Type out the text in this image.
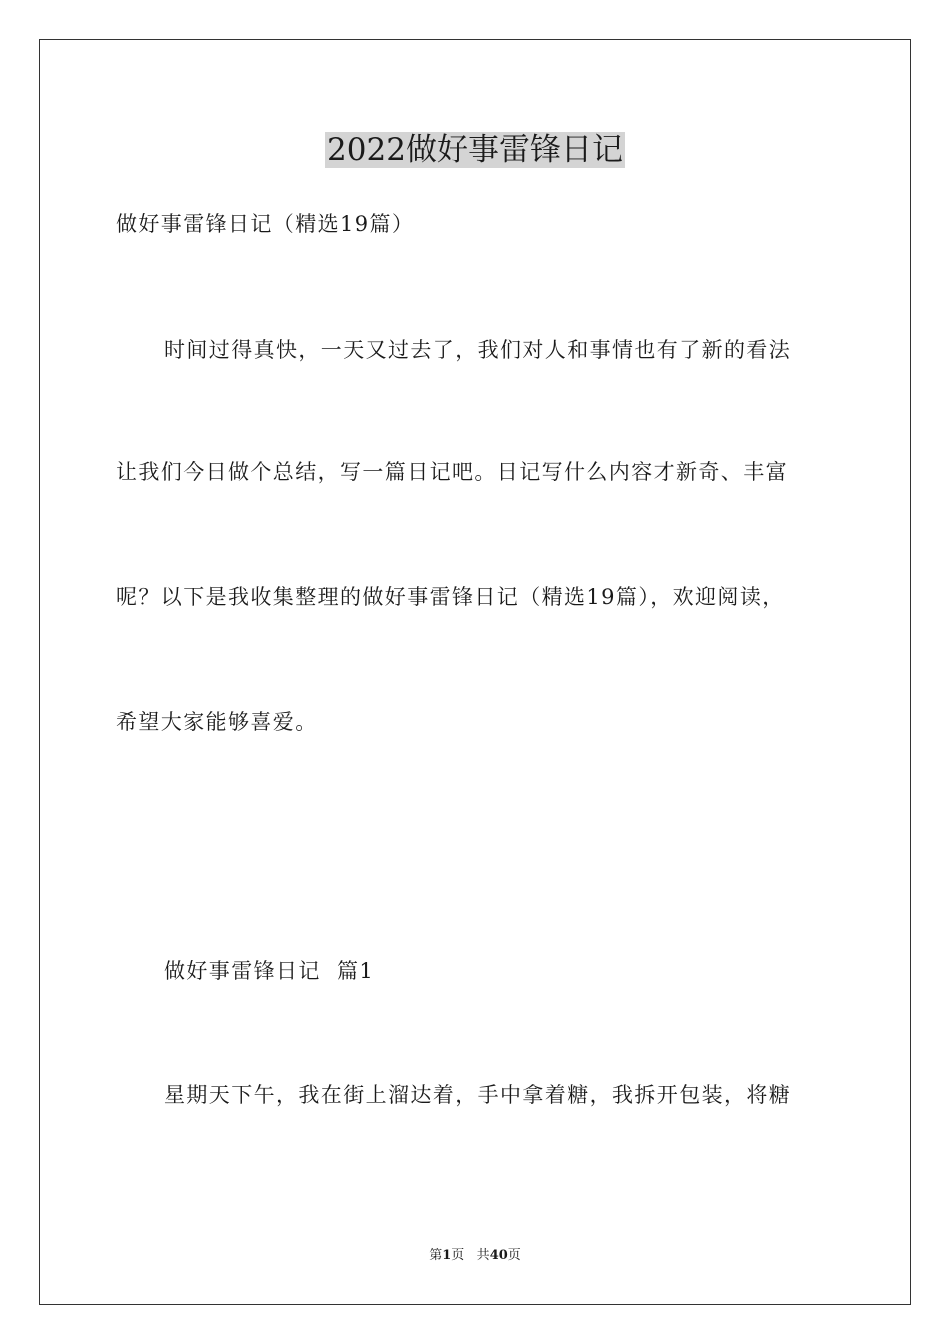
2022做好事雷锋日记

做好事雷锋日记（精选19篇）

时间过得真快，一天又过去了，我们对人和事情也有了新的看法

让我们今日做个总结，写一篇日记吧。日记写什么内容才新奇、丰富

呢？以下是我收集整理的做好事雷锋日记（精选19篇），欢迎阅读，

希望大家能够喜爱。

做好事雷锋日记  篇1

星期天下午，我在街上溜达着，手中拿着糖，我拆开包装，将糖

第1页 共40页
